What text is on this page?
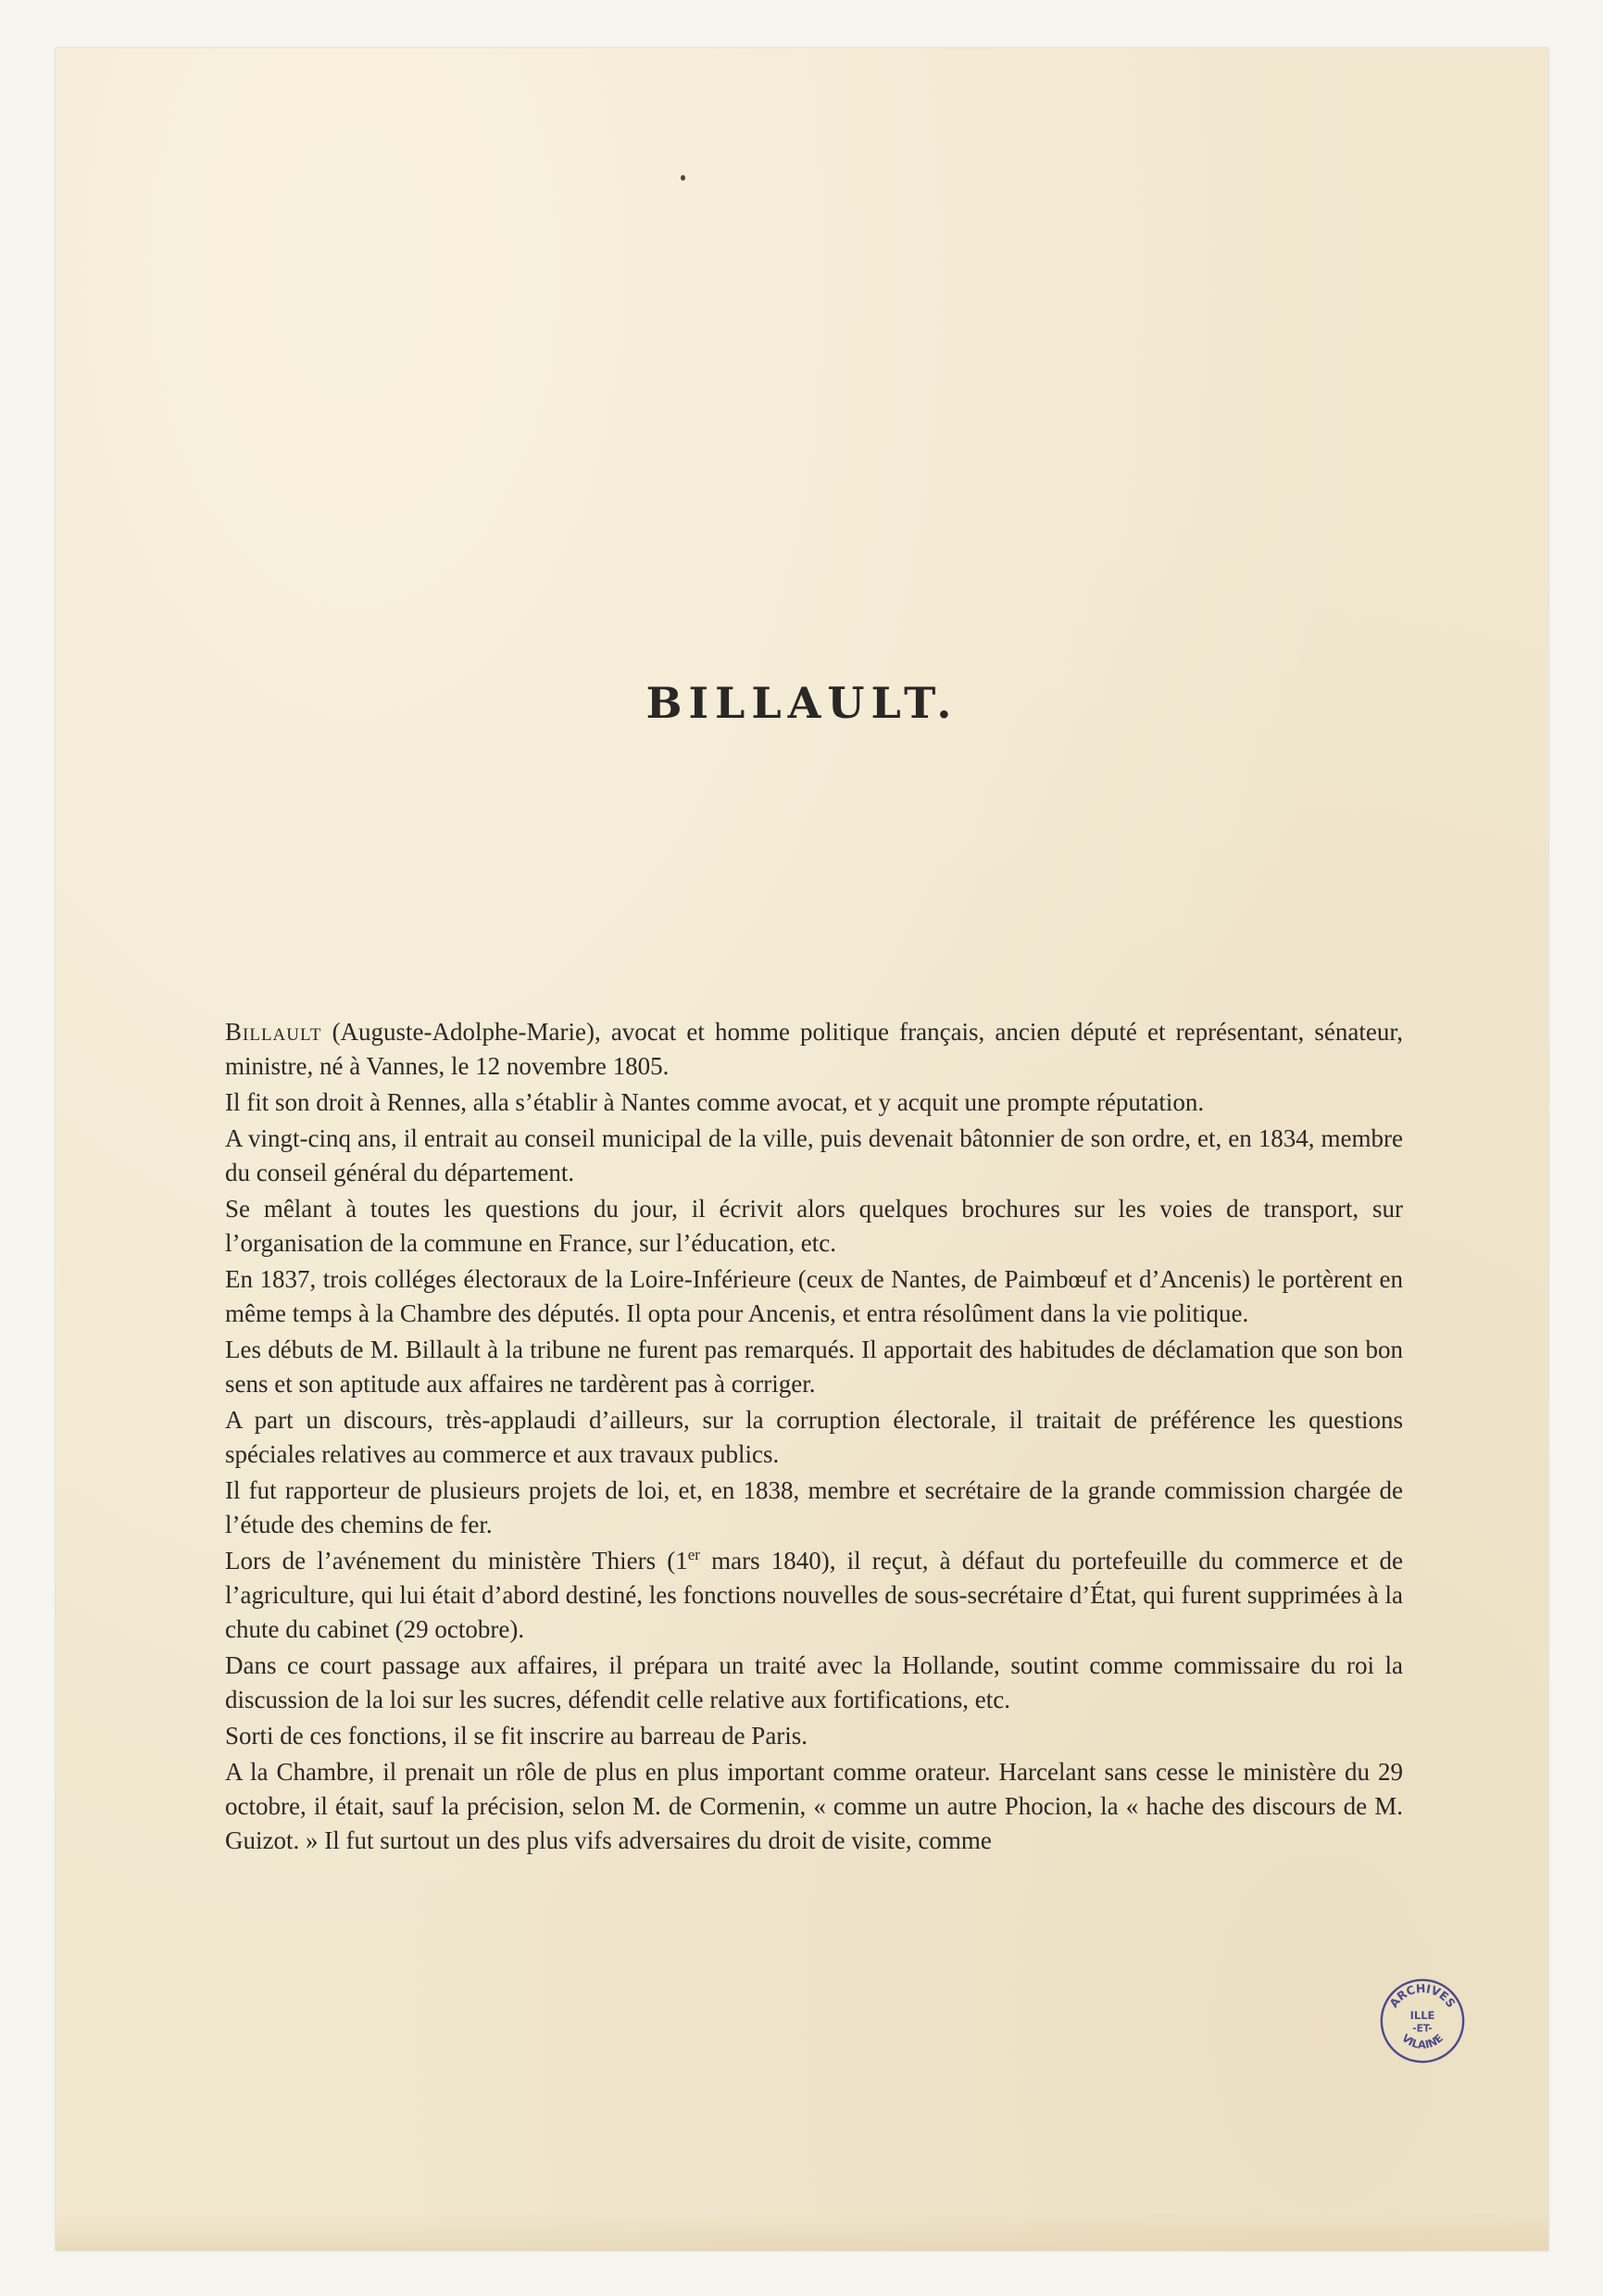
BILLAULT.

Billault (Auguste-Adolphe-Marie), avocat et homme politique français, ancien député et représentant, sénateur, ministre, né à Vannes, le 12 novembre 1805.

Il fit son droit à Rennes, alla s’établir à Nantes comme avocat, et y acquit une prompte réputation.

A vingt-cinq ans, il entrait au conseil municipal de la ville, puis devenait bâtonnier de son ordre, et, en 1834, membre du conseil général du département.

Se mêlant à toutes les questions du jour, il écrivit alors quelques brochures sur les voies de transport, sur l’organisation de la commune en France, sur l’éducation, etc.

En 1837, trois colléges électoraux de la Loire-Inférieure (ceux de Nantes, de Paimbœuf et d’Ancenis) le portèrent en même temps à la Chambre des députés. Il opta pour Ancenis, et entra résolûment dans la vie politique.

Les débuts de M. Billault à la tribune ne furent pas remarqués. Il apportait des habitudes de déclamation que son bon sens et son aptitude aux affaires ne tardèrent pas à corriger.

A part un discours, très-applaudi d’ailleurs, sur la corruption électorale, il traitait de préférence les questions spéciales relatives au commerce et aux travaux publics.

Il fut rapporteur de plusieurs projets de loi, et, en 1838, membre et secrétaire de la grande commission chargée de l’étude des chemins de fer.

Lors de l’avénement du ministère Thiers (1er mars 1840), il reçut, à défaut du portefeuille du commerce et de l’agriculture, qui lui était d’abord destiné, les fonctions nouvelles de sous-secrétaire d’État, qui furent supprimées à la chute du cabinet (29 octobre).

Dans ce court passage aux affaires, il prépara un traité avec la Hollande, soutint comme commissaire du roi la discussion de la loi sur les sucres, défendit celle relative aux fortifications, etc.

Sorti de ces fonctions, il se fit inscrire au barreau de Paris.

A la Chambre, il prenait un rôle de plus en plus important comme orateur. Harcelant sans cesse le ministère du 29 octobre, il était, sauf la précision, selon M. de Cormenin, « comme un autre Phocion, la « hache des discours de M. Guizot. » Il fut surtout un des plus vifs adversaires du droit de visite, comme

ARCHIVES
ILLE
-ET-
VILAINE
